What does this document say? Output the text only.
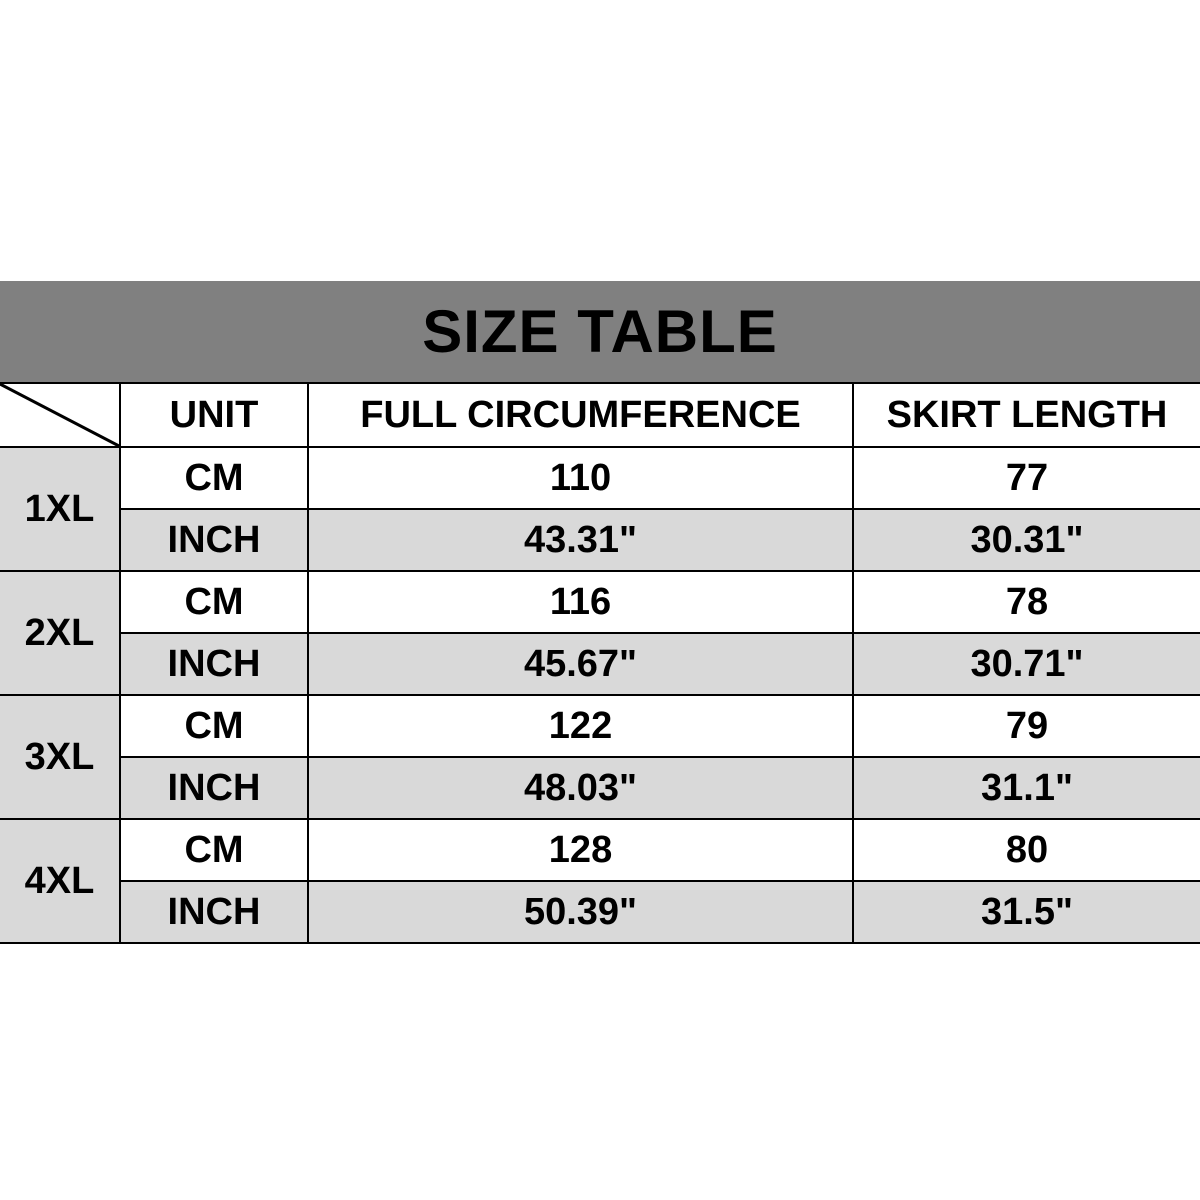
SIZE TABLE			

	UNIT	FULL CIRCUMFERENCE	SKIRT LENGTH
1XL	CM	110	77
	INCH	43.31"	30.31"
2XL	CM	116	78
	INCH	45.67"	30.71"
3XL	CM	122	79
	INCH	48.03"	31.1"
4XL	CM	128	80
	INCH	50.39"	31.5"
